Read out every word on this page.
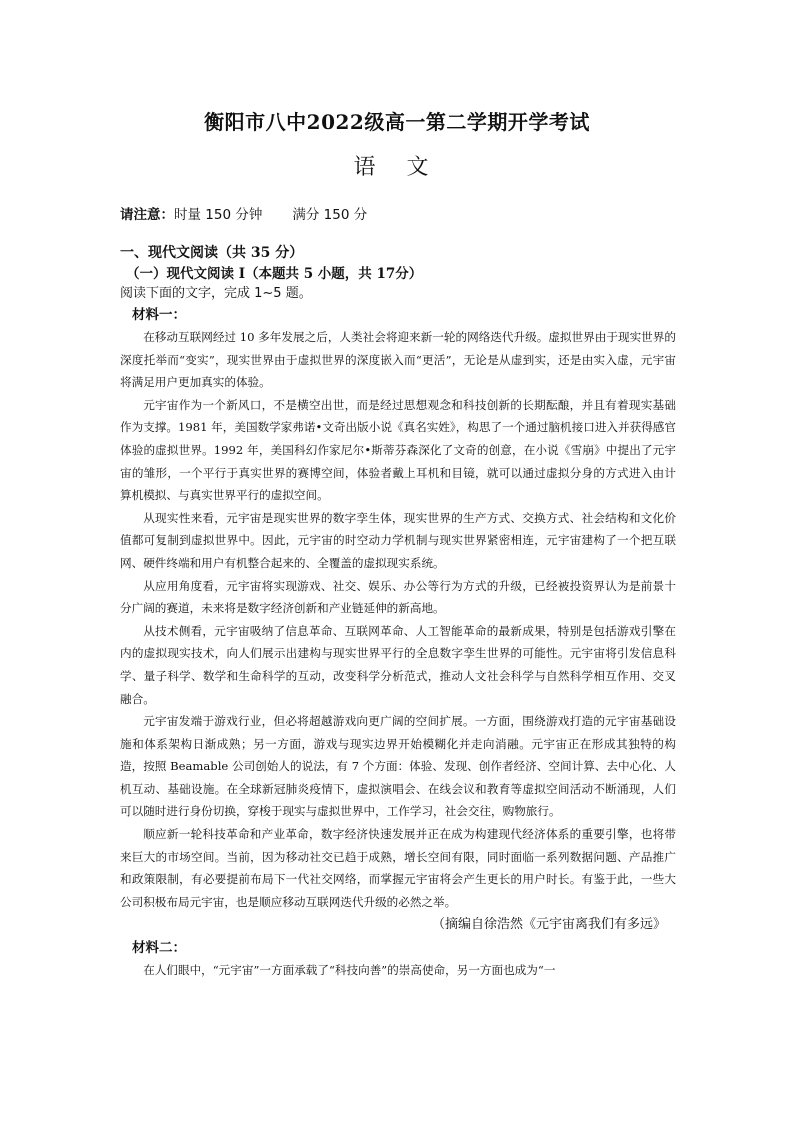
衡阳市八中2022级高一第二学期开学考试
语 文
请注意：时量 150 分钟 满分 150 分
一、现代文阅读（共 35 分）
（一）现代文阅读 Ⅰ（本题共 5 小题，共 17分）
阅读下面的文字，完成 1~5 题。
材料一：
在移动互联网经过 10 多年发展之后，人类社会将迎来新一轮的网络迭代升级。虚拟世界由于现实世界的深度托举而“变实”，现实世界由于虚拟世界的深度嵌入而“更活”，无论是从虚到实，还是由实入虚，元宇宙将满足用户更加真实的体验。
元宇宙作为一个新风口，不是横空出世，而是经过思想观念和科技创新的长期酝酿，并且有着现实基础作为支撑。1981 年，美国数学家弗诺•文奇出版小说《真名实姓》，构思了一个通过脑机接口进入并获得感官体验的虚拟世界。1992 年，美国科幻作家尼尔•斯蒂芬森深化了文奇的创意，在小说《雪崩》中提出了元宇宙的雏形，一个平行于真实世界的赛博空间，体验者戴上耳机和目镜，就可以通过虚拟分身的方式进入由计算机模拟、与真实世界平行的虚拟空间。
从现实性来看，元宇宙是现实世界的数字孪生体，现实世界的生产方式、交换方式、社会结构和文化价值都可复制到虚拟世界中。因此，元宇宙的时空动力学机制与现实世界紧密相连，元宇宙建构了一个把互联网、硬件终端和用户有机整合起来的、全覆盖的虚拟现实系统。
从应用角度看，元宇宙将实现游戏、社交、娱乐、办公等行为方式的升级，已经被投资界认为是前景十分广阔的赛道，未来将是数字经济创新和产业链延伸的新高地。
从技术侧看，元宇宙吸纳了信息革命、互联网革命、人工智能革命的最新成果，特别是包括游戏引擎在内的虚拟现实技术，向人们展示出建构与现实世界平行的全息数字孪生世界的可能性。元宇宙将引发信息科学、量子科学、数学和生命科学的互动，改变科学分析范式，推动人文社会科学与自然科学相互作用、交叉融合。
元宇宙发端于游戏行业，但必将超越游戏向更广阔的空间扩展。一方面，围绕游戏打造的元宇宙基础设施和体系架构日渐成熟；另一方面，游戏与现实边界开始模糊化并走向消融。元宇宙正在形成其独特的构造，按照 Beamable 公司创始人的说法，有 7 个方面：体验、发现、创作者经济、空间计算、去中心化、人机互动、基础设施。在全球新冠肺炎疫情下，虚拟演唱会、在线会议和教育等虚拟空间活动不断涌现，人们可以随时进行身份切换，穿梭于现实与虚拟世界中，工作学习，社会交往，购物旅行。
顺应新一轮科技革命和产业革命，数字经济快速发展并正在成为构建现代经济体系的重要引擎，也将带来巨大的市场空间。当前，因为移动社交已趋于成熟，增长空间有限，同时面临一系列数据问题、产品推广和政策限制，有必要提前布局下一代社交网络，而掌握元宇宙将会产生更长的用户时长。有鉴于此，一些大公司积极布局元宇宙，也是顺应移动互联网迭代升级的必然之举。
（摘编自徐浩然《元宇宙离我们有多远》
材料二：
在人们眼中，“元宇宙”一方面承载了“科技向善”的崇高使命，另一方面也成为“一
